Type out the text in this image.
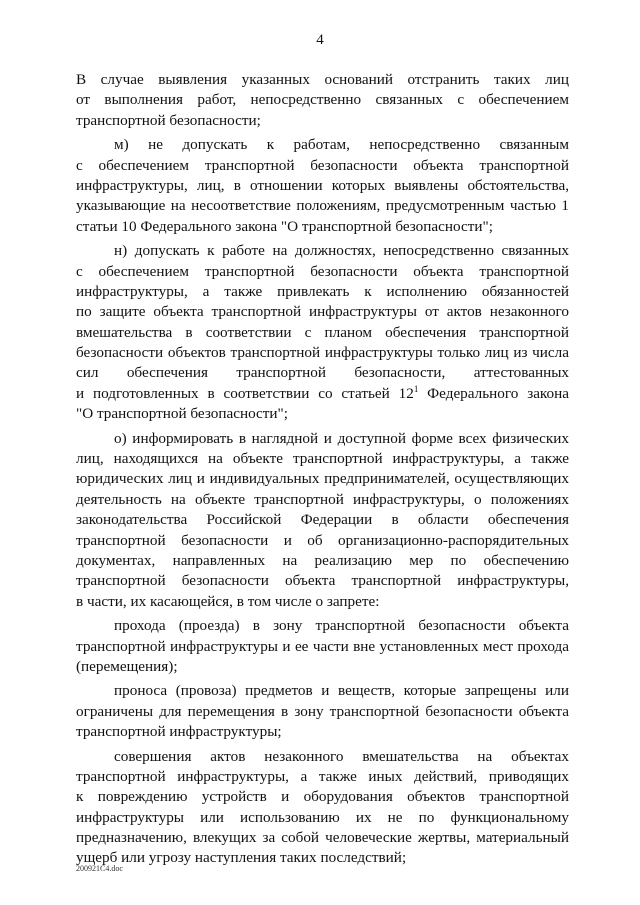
4
В случае выявления указанных оснований отстранить таких лиц
от выполнения работ, непосредственно связанных с обеспечением
транспортной безопасности;
м) не допускать к работам, непосредственно связанным
с обеспечением транспортной безопасности объекта транспортной
инфраструктуры, лиц, в отношении которых выявлены обстоятельства,
указывающие на несоответствие положениям, предусмотренным частью 1
статьи 10 Федерального закона "О транспортной безопасности";
н) допускать к работе на должностях, непосредственно связанных
с обеспечением транспортной безопасности объекта транспортной
инфраструктуры, а также привлекать к исполнению обязанностей
по защите объекта транспортной инфраструктуры от актов незаконного
вмешательства в соответствии с планом обеспечения транспортной
безопасности объектов транспортной инфраструктуры только лиц из числа
сил обеспечения транспортной безопасности, аттестованных
и подготовленных в соответствии со статьей $12^1$ Федерального закона
"О транспортной безопасности";
о) информировать в наглядной и доступной форме всех физических
лиц, находящихся на объекте транспортной инфраструктуры, а также
юридических лиц и индивидуальных предпринимателей, осуществляющих
деятельность на объекте транспортной инфраструктуры, о положениях
законодательства Российской Федерации в области обеспечения
транспортной безопасности и об организационно-распорядительных
документах, направленных на реализацию мер по обеспечению
транспортной безопасности объекта транспортной инфраструктуры,
в части, их касающейся, в том числе о запрете:
прохода (проезда) в зону транспортной безопасности объекта
транспортной инфраструктуры и ее части вне установленных мест прохода
(перемещения);
проноса (провоза) предметов и веществ, которые запрещены или
ограничены для перемещения в зону транспортной безопасности объекта
транспортной инфраструктуры;
совершения актов незаконного вмешательства на объектах
транспортной инфраструктуры, а также иных действий, приводящих
к повреждению устройств и оборудования объектов транспортной
инфраструктуры или использованию их не по функциональному
предназначению, влекущих за собой человеческие жертвы, материальный
ущерб или угрозу наступления таких последствий;
200921C4.doc
